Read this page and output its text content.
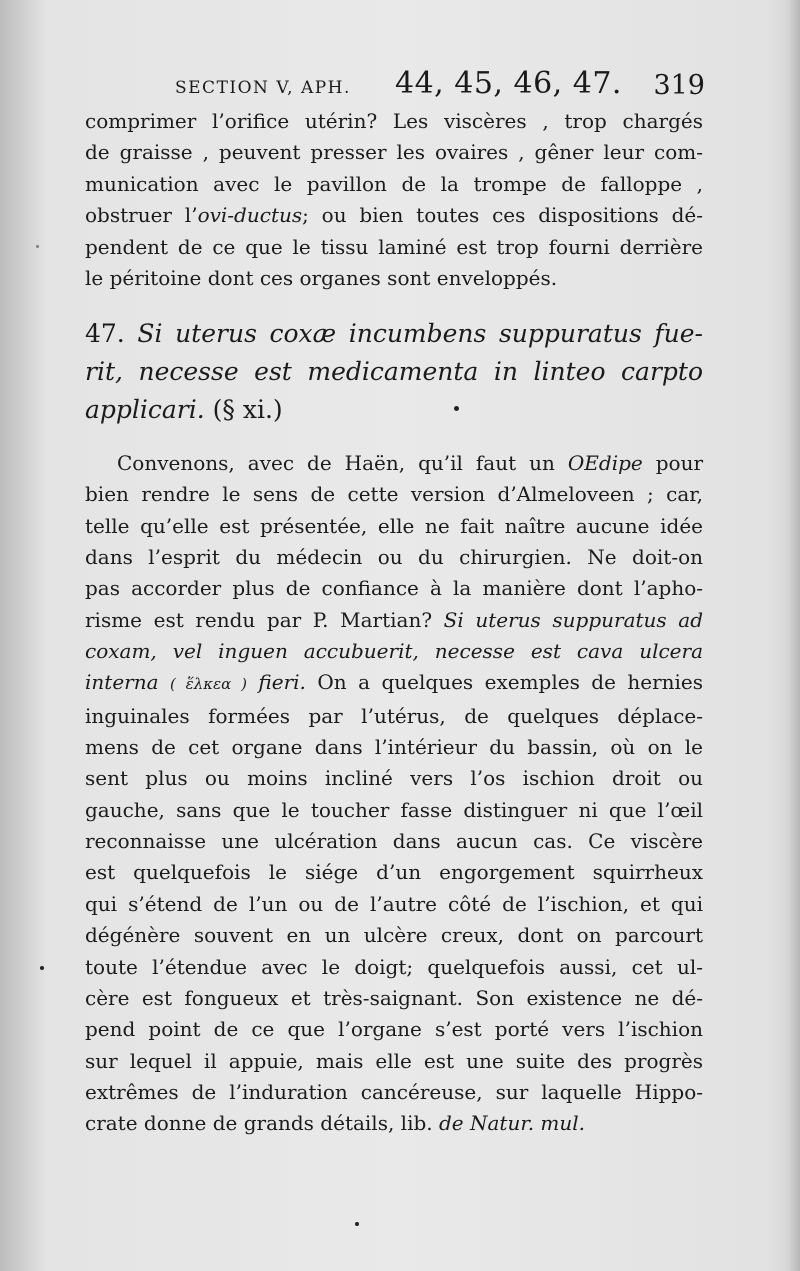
SECTION V, APH. 44, 45, 46, 47. 319
comprimer l’orifice utérin? Les viscères , trop chargés
de graisse , peuvent presser les ovaires , gêner leur com-
munication avec le pavillon de la trompe de falloppe ,
obstruer l’ovi-ductus; ou bien toutes ces dispositions dé-
pendent de ce que le tissu laminé est trop fourni derrière
le péritoine dont ces organes sont enveloppés.
47. Si uterus coxæ incumbens suppuratus fue-
rit, necesse est medicamenta in linteo carpto
applicari. (§ xi.)
Convenons, avec de Haën, qu’il faut un OEdipe pour
bien rendre le sens de cette version d’Almeloveen ; car,
telle qu’elle est présentée, elle ne fait naître aucune idée
dans l’esprit du médecin ou du chirurgien. Ne doit-on
pas accorder plus de confiance à la manière dont l’apho-
risme est rendu par P. Martian? Si uterus suppuratus ad
coxam, vel inguen accubuerit, necesse est cava ulcera
interna ( ἕλκεα ) fieri. On a quelques exemples de hernies
inguinales formées par l’utérus, de quelques déplace-
mens de cet organe dans l’intérieur du bassin, où on le
sent plus ou moins incliné vers l’os ischion droit ou
gauche, sans que le toucher fasse distinguer ni que l’œil
reconnaisse une ulcération dans aucun cas. Ce viscère
est quelquefois le siége d’un engorgement squirrheux
qui s’étend de l’un ou de l’autre côté de l’ischion, et qui
dégénère souvent en un ulcère creux, dont on parcourt
toute l’étendue avec le doigt; quelquefois aussi, cet ul-
cère est fongueux et très-saignant. Son existence ne dé-
pend point de ce que l’organe s’est porté vers l’ischion
sur lequel il appuie, mais elle est une suite des progrès
extrêmes de l’induration cancéreuse, sur laquelle Hippo-
crate donne de grands détails, lib. de Natur. mul.
